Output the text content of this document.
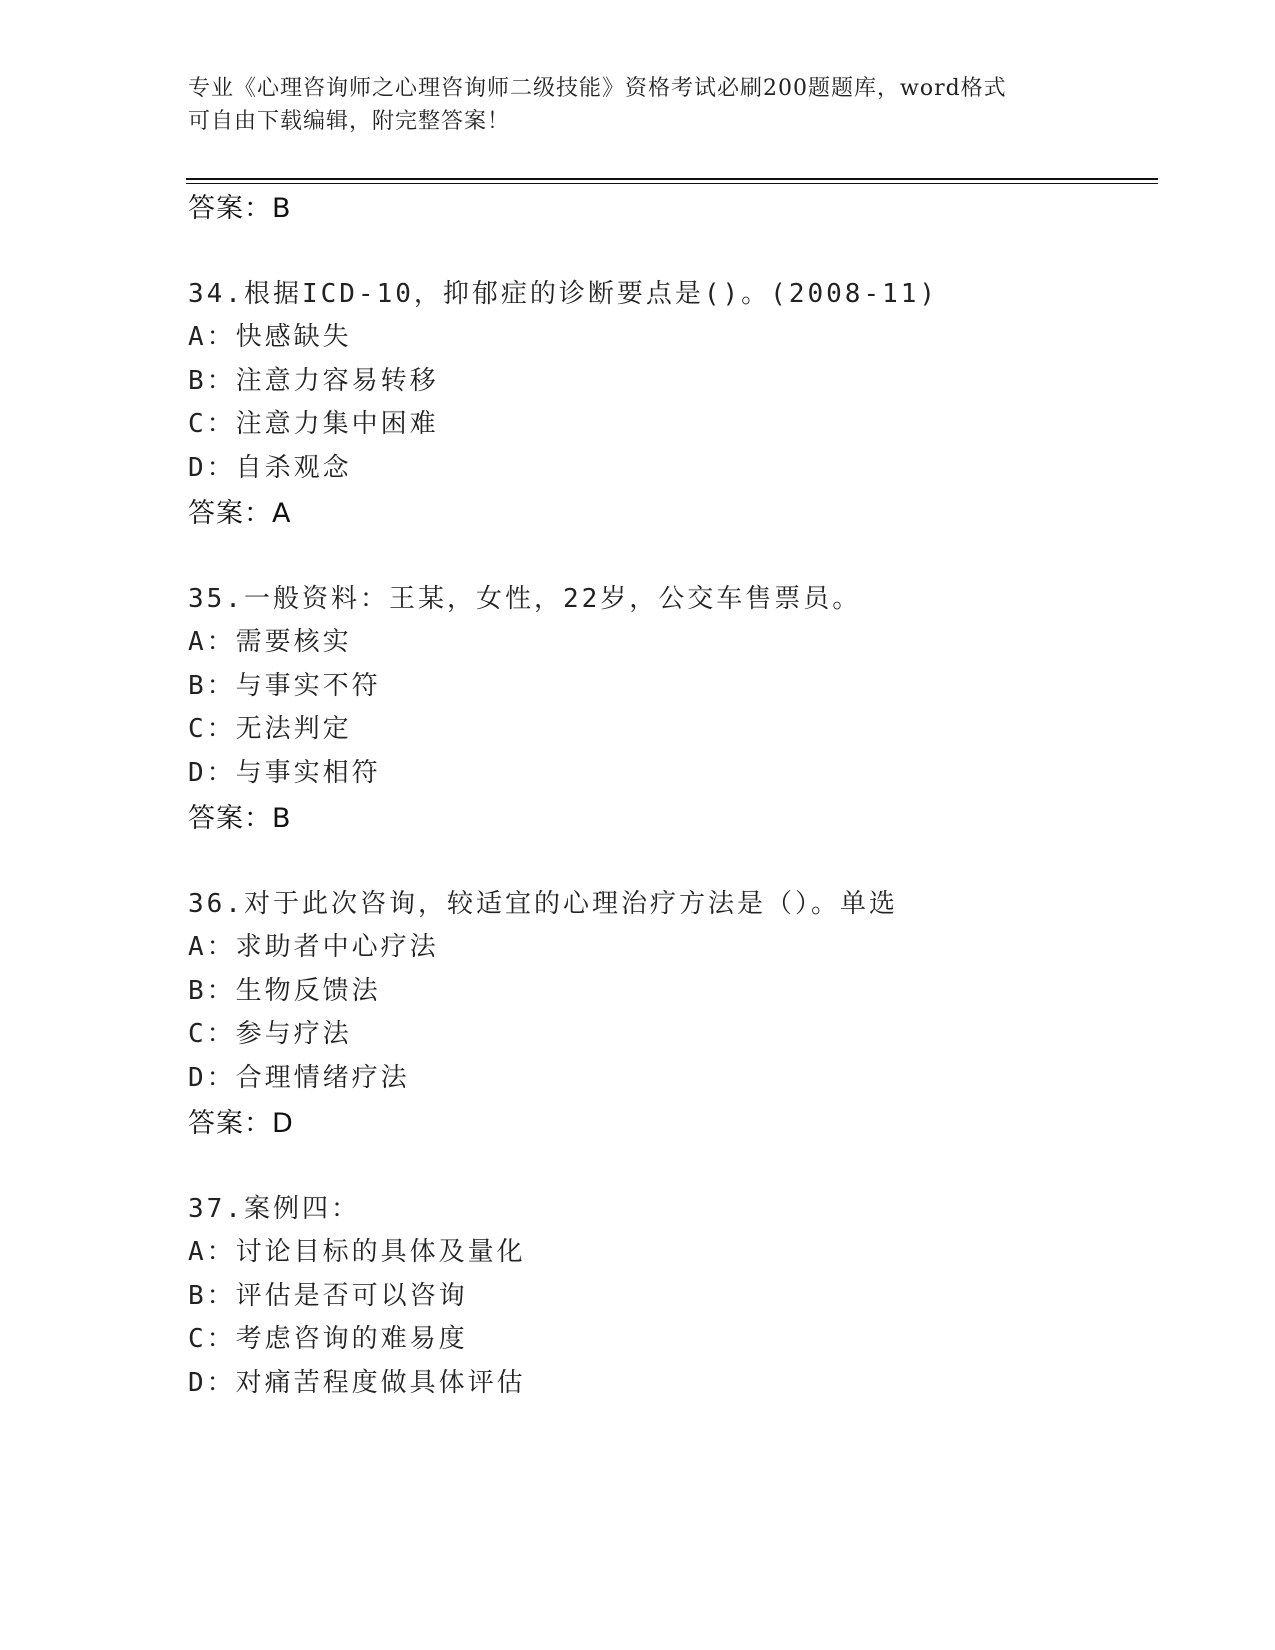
专业《心理咨询师之心理咨询师二级技能》资格考试必刷200题题库，word格式
可自由下载编辑，附完整答案！
答案：B
34.根据ICD-10，抑郁症的诊断要点是()。(2008-11)
A：快感缺失
B：注意力容易转移
C：注意力集中困难
D：自杀观念
答案：A
35.一般资料：王某，女性，22岁，公交车售票员。
A：需要核实
B：与事实不符
C：无法判定
D：与事实相符
答案：B
36.对于此次咨询，较适宜的心理治疗方法是（）。单选
A：求助者中心疗法
B：生物反馈法
C：参与疗法
D：合理情绪疗法
答案：D
37.案例四：
A：讨论目标的具体及量化
B：评估是否可以咨询
C：考虑咨询的难易度
D：对痛苦程度做具体评估
